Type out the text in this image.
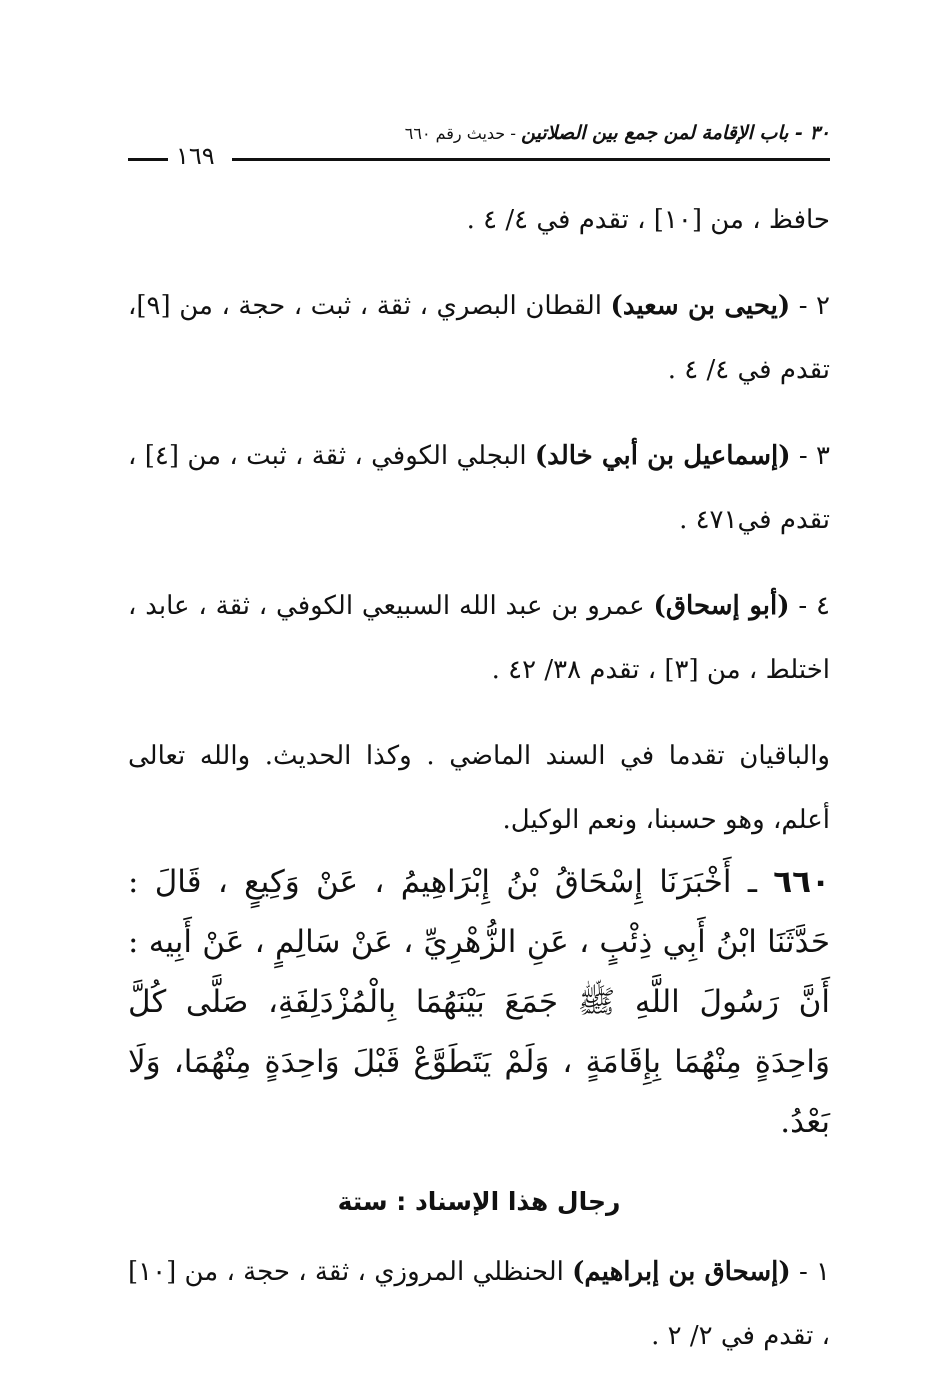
٣٠ - باب الإقامة لمن جمع بين الصلاتين - حديث رقم ٦٦٠
١٦٩

حافظ ، من [١٠] ، تقدم في ٤/ ٤ .

٢ - (يحيى بن سعيد) القطان البصري ، ثقة ، ثبت ، حجة ، من [٩]، تقدم في ٤/ ٤ .

٣ - (إسماعيل بن أبي خالد) البجلي الكوفي ، ثقة ، ثبت ، من [٤] ، تقدم في٤٧١ .

٤ - (أبو إسحاق) عمرو بن عبد الله السبيعي الكوفي ، ثقة ، عابد ، اختلط ، من [٣] ، تقدم ٣٨/ ٤٢ .

والباقيان تقدما في السند الماضي . وكذا الحديث. والله تعالى أعلم، وهو حسبنا، ونعم الوكيل.

٦٦٠ ـ أَخْبَرَنَا إِسْحَاقُ بْنُ إِبْرَاهِيمُ ، عَنْ وَكِيعٍ ، قَالَ : حَدَّثَنَا ابْنُ أَبِي ذِئْبٍ ، عَنِ الزُّهْرِيِّ ، عَنْ سَالِمٍ ، عَنْ أَبِيه : أَنَّ رَسُولَ اللَّهِ ﷺ جَمَعَ بَيْنَهُمَا بِالْمُزْدَلِفَةِ، صَلَّى كُلَّ وَاحِدَةٍ مِنْهُمَا بِإِقَامَةٍ ، وَلَمْ يَتَطَوَّعْ قَبْلَ وَاحِدَةٍ مِنْهُمَا، وَلَا بَعْدُ.

رجال هذا الإسناد : ستة

١ - (إسحاق بن إبراهيم) الحنظلي المروزي ، ثقة ، حجة ، من [١٠] ، تقدم في ٢/ ٢ .
